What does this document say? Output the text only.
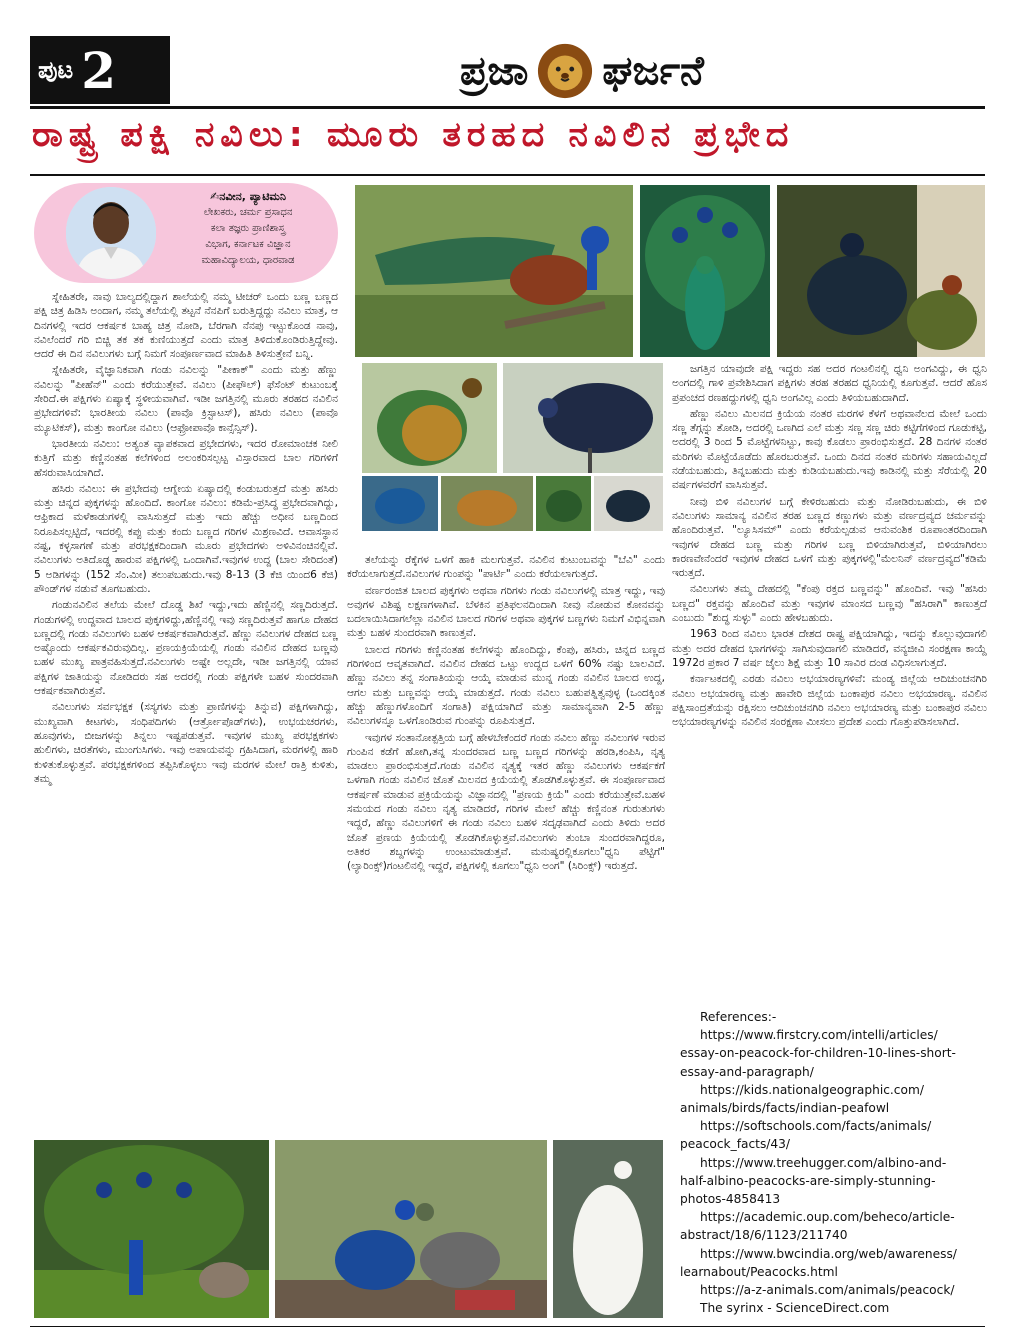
ಪುಟ 2	ಪ್ರಜಾ ಘರ್ಜನೆ
ರಾಷ್ಟ್ರ ಪಕ್ಷಿ ನವಿಲು: ಮೂರು ತರಹದ ನವಿಲಿನ ಪ್ರಭೇದ
✍ನವೀನ, ಪ್ಯಾಟಿಮನಿ
ಲೇಖಕರು, ಚರ್ಮ ಪ್ರಸಾಧನ
ಕಲಾ ತಜ್ಞರು ಪ್ರಾಣಿಶಾಸ್ತ್ರ
ವಿಭಾಗ, ಕರ್ನಾಟಕ ವಿಜ್ಞಾನ
ಮಹಾವಿದ್ಯಾಲಯ, ಧಾರವಾಡ

ಸ್ನೇಹಿತರೇ, ನಾವು ಬಾಲ್ಯದಲ್ಲಿದ್ದಾಗ ಶಾಲೆಯಲ್ಲಿ ನಮ್ಮ ಟೀಚರ್ ಒಂದು ಬಣ್ಣ ಬಣ್ಣದ ಪಕ್ಷಿ ಚಿತ್ರ ಹಿಡಿಸಿ ಅಂದಾಗ, ನಮ್ಮ ತಲೆಯಲ್ಲಿ ತಟ್ಟನೆ ನೆನಪಿಗೆ ಬರುತ್ತಿದ್ದದ್ದು ನವಿಲು ಮಾತ್ರ, ಆ ದಿನಗಳಲ್ಲಿ ಇದರ ಆಕರ್ಷಕ ಬಾಹ್ಯ ಚಿತ್ರ ನೋಡಿ, ಬೆರಗಾಗಿ ನೆನಪು ಇಟ್ಟುಕೊಂಡ ನಾವು, ನವಿಲೆಂದರೆ ಗರಿ ಬಿಚ್ಚಿ ತಕ ತಕ ಕುಣಿಯುತ್ತದೆ ಎಂದು ಮಾತ್ರ ತಿಳಿದುಕೊಂಡಿರುತ್ತಿದ್ದೇವು. ಆದರೆ ಈ ದಿನ ನವಿಲುಗಳು ಬಗ್ಗೆ ನಿಮಗೆ ಸಂಪೂರ್ಣವಾದ ಮಾಹಿತಿ ತಿಳಿಸುತ್ತೇನೆ ಬನ್ನಿ.

ಸ್ನೇಹಿತರೇ, ವೈಜ್ಞಾನಿಕವಾಗಿ ಗಂಡು ನವಿಲನ್ನು "ಪೀಕಾಕ್" ಎಂದು ಮತ್ತು ಹೆಣ್ಣು ನವಿಲನ್ನು "ಪೀಹೆನ್" ಎಂದು ಕರೆಯುತ್ತೇವೆ. ನವಿಲು (ಪೀಫೌಲ್) ಫೆಸೆಂಟ್ ಕುಟುಂಬಕ್ಕೆ ಸೇರಿದೆ.ಈ ಪಕ್ಷಿಗಳು ಏಷ್ಯಾಕ್ಕೆ ಸ್ಥಳೀಯವಾಗಿವೆ. ಇಡೀ ಜಗತ್ತಿನಲ್ಲಿ ಮೂರು ತರಹದ ನವಿಲಿನ ಪ್ರಭೇದಗಳಿವೆ: ಭಾರತೀಯ ನವಿಲು (ಪಾವೊ ಕ್ರಿಸ್ಟಾಟಸ್), ಹಸಿರು ನವಿಲು (ಪಾವೊ ಮ್ಯೂಟಿಕಸ್), ಮತ್ತು ಕಾಂಗೋ ನವಿಲು (ಆಫ್ರೋಪಾವೊ ಕಾನ್ಸೆನ್ಸಿಸ್).

ಭಾರತೀಯ ನವಿಲು: ಅತ್ಯಂತ ವ್ಯಾಪಕವಾದ ಪ್ರಭೇದಗಳು, ಇದರ ರೋಮಾಂಚಕ ನೀಲಿ ಕುತ್ತಿಗೆ ಮತ್ತು ಕಣ್ಣಿನಂತಹ ಕಲೆಗಳಿಂದ ಅಲಂಕರಿಸಲ್ಪಟ್ಟ ವಿಸ್ತಾರವಾದ ಬಾಲ ಗರಿಗಳಿಗೆ ಹೆಸರುವಾಸಿಯಾಗಿದೆ.

ಹಸಿರು ನವಿಲು: ಈ ಪ್ರಭೇದವು ಆಗ್ನೇಯ ಏಷ್ಯಾದಲ್ಲಿ ಕಂಡುಬರುತ್ತದೆ ಮತ್ತು ಹಸಿರು ಮತ್ತು ಚಿನ್ನದ ಪುಕ್ಕಗಳನ್ನು ಹೊಂದಿದೆ. ಕಾಂಗೋ ನವಿಲು: ಕಡಿಮೆ-ಪ್ರಸಿದ್ಧ ಪ್ರಭೇದವಾಗಿದ್ದು, ಆಫ್ರಿಕಾದ ಮಳೆಕಾಡುಗಳಲ್ಲಿ ವಾಸಿಸುತ್ತದೆ ಮತ್ತು ಇದು ಹೆಚ್ಚು ಅಧೀನ ಬಣ್ಣದಿಂದ ನಿರೂಪಿಸಲ್ಪಟ್ಟಿದೆ, ಇದರಲ್ಲಿ ಕಪ್ಪು ಮತ್ತು ಕಂದು ಬಣ್ಣದ ಗರಿಗಳ ಮಿಶ್ರಣವಿದೆ. ಆವಾಸಸ್ಥಾನ ನಷ್ಟ, ಕಳ್ಳಸಾಗಣೆ ಮತ್ತು ಪರಭಕ್ಷಕದಿಂದಾಗಿ ಮೂರು ಪ್ರಭೇದಗಳು ಅಳಿವಿನಂಚಿನಲ್ಲಿವೆ. ನವಿಲುಗಳು ಅತಿದೊಡ್ಡ ಹಾರುವ ಪಕ್ಷಿಗಳಲ್ಲಿ ಒಂದಾಗಿವೆ.ಇವುಗಳ ಉದ್ದ (ಬಾಲ ಸೇರಿದಂತೆ) 5 ಅಡಿಗಳನ್ನು (152 ಸೆಂ.ಮೀ) ತಲುಪಬಹುದು.ಇವು 8-13 (3 ಕೆಜಿ ಯಿಂದ6 ಕೆಜಿ) ಪೌಂಡ್‌ಗಳ ನಡುವೆ ತೂಗಬಹುದು.

ಗಂಡುನವಿಲಿನ ತಲೆಯ ಮೇಲೆ ದೊಡ್ಡ ಶಿಖೆ ಇದ್ದು,ಇದು ಹೆಣ್ಣಿನಲ್ಲಿ ಸಣ್ಣದಿರುತ್ತದೆ. ಗಂಡುಗಳಲ್ಲಿ ಉದ್ದವಾದ ಬಾಲದ ಪುಕ್ಕಗಳಿದ್ದು,ಹೆಣ್ಣಿನಲ್ಲಿ ಇವು ಸಣ್ಣದಿರುತ್ತವೆ ಹಾಗೂ ದೇಹದ ಬಣ್ಣದಲ್ಲಿ ಗಂಡು ನವಿಲುಗಳು ಬಹಳ ಆಕರ್ಷಕವಾಗಿರುತ್ತವೆ. ಹೆಣ್ಣು ನವಿಲುಗಳ ದೇಹದ ಬಣ್ಣ ಅಷ್ಟೊಂದು ಆಕರ್ಷಕವಿರುವುದಿಲ್ಲ. ಪ್ರಣಯಕ್ರಿಯೆಯಲ್ಲಿ ಗಂಡು ನವಿಲಿನ ದೇಹದ ಬಣ್ಣವು ಬಹಳ ಮುಖ್ಯ ಪಾತ್ರವಹಿಸುತ್ತದೆ.ನವಿಲುಗಳು ಅಷ್ಟೇ ಅಲ್ಲದೇ, ಇಡೀ ಜಗತ್ತಿನಲ್ಲಿ ಯಾವ ಪಕ್ಷಿಗಳ ಜಾತಿಯನ್ನು ನೋಡಿದರು ಸಹ ಅದರಲ್ಲಿ ಗಂಡು ಪಕ್ಷಿಗಳೇ ಬಹಳ ಸುಂದರವಾಗಿ ಆಕರ್ಷಕವಾಗಿರುತ್ತವೆ.

ನವಿಲುಗಳು ಸರ್ವಭಕ್ಷಕ (ಸಸ್ಯಗಳು ಮತ್ತು ಪ್ರಾಣಿಗಳನ್ನು ತಿನ್ನುವ) ಪಕ್ಷಿಗಳಾಗಿದ್ದು, ಮುಖ್ಯವಾಗಿ ಕೀಟಗಳು, ಸಂಧಿಪದಿಗಳು (ಆರ್ತ್ರೋಪೊಡ್‌ಗಳು), ಉಭಯಚರಗಳು, ಹೂವುಗಳು, ಬೀಜಗಳನ್ನು ತಿನ್ನಲು ಇಷ್ಟಪಡುತ್ತವೆ. ಇವುಗಳ ಮುಖ್ಯ ಪರಭಕ್ಷಕಗಳು ಹುಲಿಗಳು, ಚಿರತೆಗಳು, ಮುಂಗುಸಿಗಳು. ಇವು ಅಪಾಯವನ್ನು ಗ್ರಹಿಸಿದಾಗ, ಮರಗಳಲ್ಲಿ ಹಾರಿ ಕುಳಿತುಕೊಳ್ಳುತ್ತವೆ. ಪರಭಕ್ಷಕಗಳಿಂದ ತಪ್ಪಿಸಿಕೊಳ್ಳಲು ಇವು ಮರಗಳ ಮೇಲೆ ರಾತ್ರಿ ಕುಳಿತು, ತಮ್ಮ

ತಲೆಯನ್ನು ರೆಕ್ಕೆಗಳ ಒಳಗೆ ಹಾಕಿ ಮಲಗುತ್ತವೆ. ನವಿಲಿನ ಕುಟುಂಬವನ್ನು "ಬೆವಿ" ಎಂದು ಕರೆಯಲಾಗುತ್ತದೆ.ನವಿಲುಗಳ ಗುಂಪನ್ನು "ಪಾರ್ಟಿ" ಎಂದು ಕರೆಯಲಾಗುತ್ತದೆ.

ವರ್ಣರಂಜಿತ ಬಾಲದ ಪುಕ್ಕಗಳು ಅಥವಾ ಗರಿಗಳು ಗಂಡು ನವಿಲುಗಳಲ್ಲಿ ಮಾತ್ರ ಇದ್ದು, ಇವು ಅವುಗಳ ವಿಶಿಷ್ಟ ಲಕ್ಷಣಗಳಾಗಿವೆ. ಬೆಳಕಿನ ಪ್ರತಿಫಲನದಿಂದಾಗಿ ನೀವು ನೋಡುವ ಕೋನವನ್ನು ಬದಲಾಯಿಸಿದಾಗಲೆಲ್ಲಾ ನವಿಲಿನ ಬಾಲದ ಗರಿಗಳ ಅಥವಾ ಪುಕ್ಕಗಳ ಬಣ್ಣಗಳು ನಿಮಗೆ ವಿಭಿನ್ನವಾಗಿ ಮತ್ತು ಬಹಳ ಸುಂದರವಾಗಿ ಕಾಣುತ್ತವೆ.

ಬಾಲದ ಗರಿಗಳು ಕಣ್ಣಿನಂತಹ ಕಲೆಗಳನ್ನು ಹೊಂದಿದ್ದು, ಕೆಂಪು, ಹಸಿರು, ಚಿನ್ನದ ಬಣ್ಣದ ಗರಿಗಳಿಂದ ಆವೃತವಾಗಿದೆ. ನವಿಲಿನ ದೇಹದ ಒಟ್ಟು ಉದ್ದದ ಒಳಗೆ 60% ನಷ್ಟು ಬಾಲವಿದೆ. ಹೆಣ್ಣು ನವಿಲು ತನ್ನ ಸಂಗಾತಿಯನ್ನು ಆಯ್ಕೆ ಮಾಡುವ ಮುನ್ನ ಗಂಡು ನವಿಲಿನ ಬಾಲದ ಉದ್ದ, ಆಗಲ ಮತ್ತು ಬಣ್ಣವನ್ನು ಆಯ್ಕೆ ಮಾಡುತ್ತದೆ. ಗಂಡು ನವಿಲು ಬಹುಪತ್ನಿತ್ವವುಳ್ಳ (ಒಂದಕ್ಕಿಂತ ಹೆಚ್ಚು ಹೆಣ್ಣುಗಳೊಂದಿಗೆ ಸಂಗಾತಿ) ಪಕ್ಷಿಯಾಗಿದೆ ಮತ್ತು ಸಾಮಾನ್ಯವಾಗಿ 2-5 ಹೆಣ್ಣು ನವಿಲುಗಳನ್ನೂ ಒಳಗೊಂಡಿರುವ ಗುಂಪನ್ನು ರೂಪಿಸುತ್ತದೆ.

ಇವುಗಳ ಸಂತಾನೋತ್ಪತ್ತಿಯ ಬಗ್ಗೆ ಹೇಳಬೇಕೆಂದರೆ ಗಂಡು ನವಿಲು ಹೆಣ್ಣು ನವಿಲುಗಳ ಇರುವ ಗುಂಪಿನ ಕಡೆಗೆ ಹೋಗಿ,ತನ್ನ ಸುಂದರವಾದ ಬಣ್ಣ ಬಣ್ಣದ ಗರಿಗಳನ್ನು ಹರಡಿ,ಕಂಪಿಸಿ, ನೃತ್ಯ ಮಾಡಲು ಪ್ರಾರಂಭಿಸುತ್ತದೆ.ಗಂಡು ನವಿಲಿನ ನೃತ್ಯಕ್ಕೆ ಇತರ ಹೆಣ್ಣು ನವಿಲುಗಳು ಆಕರ್ಷಕಗೆ ಒಳಗಾಗಿ ಗಂಡು ನವಿಲಿನ ಜೊತೆ ಮಿಲನದ ಕ್ರಿಯೆಯಲ್ಲಿ ತೊಡಗಿಕೊಳ್ಳುತ್ತವೆ. ಈ ಸಂಪೂರ್ಣವಾದ ಆಕರ್ಷಣೆ ಮಾಡುವ ಪ್ರಕ್ರಿಯೆಯನ್ನು ವಿಜ್ಞಾನದಲ್ಲಿ "ಪ್ರಣಯ ಕ್ರಿಯೆ" ಎಂದು ಕರೆಯುತ್ತೇವೆ.ಬಹಳ ಸಮಯದ ಗಂಡು ನವಿಲು ನೃತ್ಯ ಮಾಡಿದರೆ, ಗರಿಗಳ ಮೇಲೆ ಹೆಚ್ಚು ಕಣ್ಣಿನಂತ ಗುರುತುಗಳು ಇದ್ದರೆ, ಹೆಣ್ಣು ನವಿಲುಗಳಿಗೆ ಈ ಗಂಡು ನವಿಲು ಬಹಳ ಸದೃಢವಾಗಿದೆ ಎಂದು ತಿಳಿದು ಅದರ ಜೊತೆ ಪ್ರಣಯ ಕ್ರಿಯೆಯಲ್ಲಿ ತೊಡಗಿಕೊಳ್ಳುತ್ತವೆ.ನವಿಲುಗಳು ತುಂಬಾ ಸುಂದರವಾಗಿದ್ದರೂ, ಅತಿಕರ ಶಬ್ದಗಳನ್ನು ಉಂಟುಮಾಡುತ್ತವೆ. ಮನುಷ್ಯರಲ್ಲಿಕೂಗಲು"ಧ್ವನಿ ಪೆಟ್ಟಿಗೆ" (ಲ್ಯಾರಿಂಕ್ಸ್)ಗಂಟಲಿನಲ್ಲಿ ಇದ್ದರೆ, ಪಕ್ಷಿಗಳಲ್ಲಿ ಕೂಗಲು"ಧ್ವನಿ ಅಂಗ" (ಸಿರಿಂಕ್ಸ್) ಇರುತ್ತದೆ.

ಜಗತ್ತಿನ ಯಾವುದೇ ಪಕ್ಷಿ ಇದ್ದರು ಸಹ ಅದರ ಗಂಟಲಿನಲ್ಲಿ ಧ್ವನಿ ಅಂಗವಿದ್ದು, ಈ ಧ್ವನಿ ಅಂಗದಲ್ಲಿ ಗಾಳಿ ಪ್ರವೇಶಿಸಿದಾಗ ಪಕ್ಷಿಗಳು ತರಹ ತರಹದ ಧ್ವನಿಯಲ್ಲಿ ಕೂಗುತ್ತವೆ. ಆದರೆ ಹೊಸ ಪ್ರಪಂಚದ ರಣಹದ್ದುಗಳಲ್ಲಿ ಧ್ವನಿ ಅಂಗವಿಲ್ಲ ಎಂದು ತಿಳಿಯಬಹುದಾಗಿದೆ.

ಹೆಣ್ಣು ನವಿಲು ಮಿಲನದ ಕ್ರಿಯೆಯ ನಂತರ ಮರಗಳ ಕೆಳಗೆ ಅಥವಾನೆಲದ ಮೇಲೆ ಒಂದು ಸಣ್ಣ ತೆಗ್ಗನ್ನು ತೋಡಿ, ಅದರಲ್ಲಿ ಒಣಗಿದ ಎಲೆ ಮತ್ತು ಸಣ್ಣ ಸಣ್ಣ ಚಿರು ಕಟ್ಟಿಗೆಗಳಿಂದ ಗೂಡುಕಟ್ಟಿ, ಅದರಲ್ಲಿ 3 ರಿಂದ 5 ಮೊಟ್ಟೆಗಳನಿಟ್ಟು, ಕಾವು ಕೊಡಲು ಪ್ರಾರಂಭಿಸುತ್ತದೆ. 28 ದಿನಗಳ ನಂತರ ಮರಿಗಳು ಮೊಟ್ಟೆಯೊಡೆದು ಹೊರಬರುತ್ತವೆ. ಒಂದು ದಿನದ ನಂತರ ಮರಿಗಳು ಸಹಾಯವಿಲ್ಲದೆ ನಡೆಯಬಹುದು, ತಿನ್ನಬಹುದು ಮತ್ತು ಕುಡಿಯಬಹುದು.ಇವು ಕಾಡಿನಲ್ಲಿ ಮತ್ತು ಸೆರೆಯಲ್ಲಿ 20 ವರ್ಷಗಳವರೆಗೆ ವಾಸಿಸುತ್ತವೆ.

ನೀವು ಬಿಳಿ ನವಿಲುಗಳ ಬಗ್ಗೆ ಕೇಳಿರಬಹುದು ಮತ್ತು ನೋಡಿರುಬಹುದು, ಈ ಬಿಳಿ ನವಿಲುಗಳು ಸಾಮಾನ್ಯ ನವಿಲಿನ ತರಹ ಬಣ್ಣದ ಕಣ್ಣುಗಳು ಮತ್ತು ವರ್ಣದ್ರವ್ಯದ ಚರ್ಮವನ್ನು ಹೊಂದಿರುತ್ತವೆ. "ಲ್ಯೂಸಿಸಮ್" ಎಂದು ಕರೆಯಲ್ಪಡುವ ಆನುವಂಶಿಕ ರೂಪಾಂತರದಿಂದಾಗಿ ಇವುಗಳ ದೇಹದ ಬಣ್ಣ ಮತ್ತು ಗರಿಗಳ ಬಣ್ಣ ಬಿಳಿಯಾಗಿರುತ್ತವೆ, ಬಿಳಿಯಾಗಿರಲು ಕಾರಣವೇನೆಂದರೆ ಇವುಗಳ ದೇಹದ ಒಳಗೆ ಮತ್ತು ಪುಕ್ಕಗಳಲ್ಲಿ"ಮೆಲನಿನ್ ವರ್ಣದ್ರವ್ಯದ"ಕಡಿಮೆ ಇರುತ್ತದೆ.

ನವಿಲುಗಳು ತಮ್ಮ ದೇಹದಲ್ಲಿ "ಕೆಂಪು ರಕ್ತದ ಬಣ್ಣವನ್ನು" ಹೊಂದಿವೆ. ಇವು "ಹಸಿರು ಬಣ್ಣದ" ರಕ್ತವನ್ನು ಹೊಂದಿವೆ ಮತ್ತು ಇವುಗಳ ಮಾಂಸದ ಬಣ್ಣವು "ಹಸಿರಾಗಿ" ಕಾಣುತ್ತದೆ ಎಂಬುದು "ಶುದ್ಧ ಸುಳ್ಳು" ಎಂದು ಹೇಳಬಹುದು.

1963 ರಿಂದ ನವಿಲು ಭಾರತ ದೇಶದ ರಾಷ್ಟ್ರ ಪಕ್ಷಿಯಾಗಿದ್ದು, ಇದನ್ನು ಕೊಲ್ಲುವುದಾಗಲಿ ಮತ್ತು ಅದರ ದೇಹದ ಭಾಗಗಳನ್ನು ಸಾಗಿಸುವುದಾಗಲಿ ಮಾಡಿದರೆ, ವನ್ಯಜೀವಿ ಸಂರಕ್ಷಣಾ ಕಾಯ್ದೆ 1972ರ ಪ್ರಕಾರ 7 ವರ್ಷ ಜೈಲು ಶಿಕ್ಷೆ ಮತ್ತು 10 ಸಾವಿರ ದಂಡ ವಿಧಿಸಲಾಗುತ್ತದೆ.

ಕರ್ನಾಟಕದಲ್ಲಿ ಎರಡು ನವಿಲು ಅಭಯಾರಣ್ಯಗಳಿವೆ: ಮಂಡ್ಯ ಜಿಲ್ಲೆಯ ಆದಿಚುಂಚನಗಿರಿ ನವಿಲು ಅಭಯಾರಣ್ಯ ಮತ್ತು ಹಾವೇರಿ ಜಿಲ್ಲೆಯ ಬಂಕಾಪುರ ನವಿಲು ಅಭಯಾರಣ್ಯ. ನವಿಲಿನ ಪಕ್ಷಿಸಾಂದ್ರತೆಯನ್ನು ರಕ್ಷಿಸಲು ಆದಿಚುಂಚನಗಿರಿ ನವಿಲು ಅಭಯಾರಣ್ಯ ಮತ್ತು ಬಂಕಾಪುರ ನವಿಲು ಅಭಯಾರಣ್ಯಗಳನ್ನು ನವಿಲಿನ ಸಂರಕ್ಷಣಾ ಮೀಸಲು ಪ್ರದೇಶ ಎಂದು ಗೊತ್ತುಪಡಿಸಲಾಗಿದೆ.

References:-
https://www.firstcry.com/intelli/articles/
essay-on-peacock-for-children-10-lines-short-
essay-and-paragraph/
https://kids.nationalgeographic.com/
animals/birds/facts/indian-peafowl
https://softschools.com/facts/animals/
peacock_facts/43/
https://www.treehugger.com/albino-and-
half-albino-peacocks-are-simply-stunning-
photos-4858413
https://academic.oup.com/beheco/article-
abstract/18/6/1123/211740
https://www.bwcindia.org/web/awareness/
learnabout/Peacocks.html
https://a-z-animals.com/animals/peacock/
The syrinx - ScienceDirect.com
